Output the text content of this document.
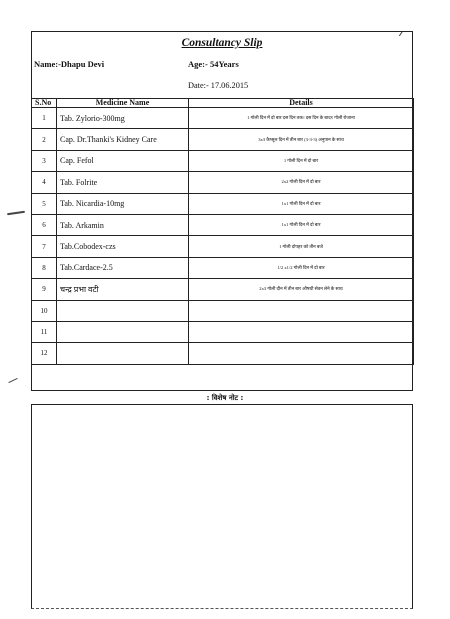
Consultancy Slip
Name:-Dhapu Devi	Age:- 54Years
Date:- 17.06.2015
S.No	Medicine Name	Details
1	Tab. Zylorio-300mg	1 गोली दिन में दो बार दस दिन तक। दस दिन के बाद१ गोली रोजाना
2	Cap. Dr.Thanki's Kidney Care	3x3 कैप्सूल दिन में तीन बार (3-3-3) अनुपान के साथ
3	Cap. Fefol	1 गोली दिन में दो बार
4	Tab. Folrite	2x2 गोली दिन में दो बार
5	Tab. Nicardia-10mg	1x1 गोली दिन में दो बार
6	Tab. Arkamin	1x1 गोली दिन में दो बार
7	Tab.Cobodex-czs	1 गोली दोपहर को तीन बजे
8	Tab.Cardace-2.5	1/2 x1/2 गोली दिन में दो बार
9	चन्द्र प्रभा वटी	2x3 गोली दीन में तीन बार औषधी सेवन लेने के साथ
10		
11		
12		
: विशेष नोट :
